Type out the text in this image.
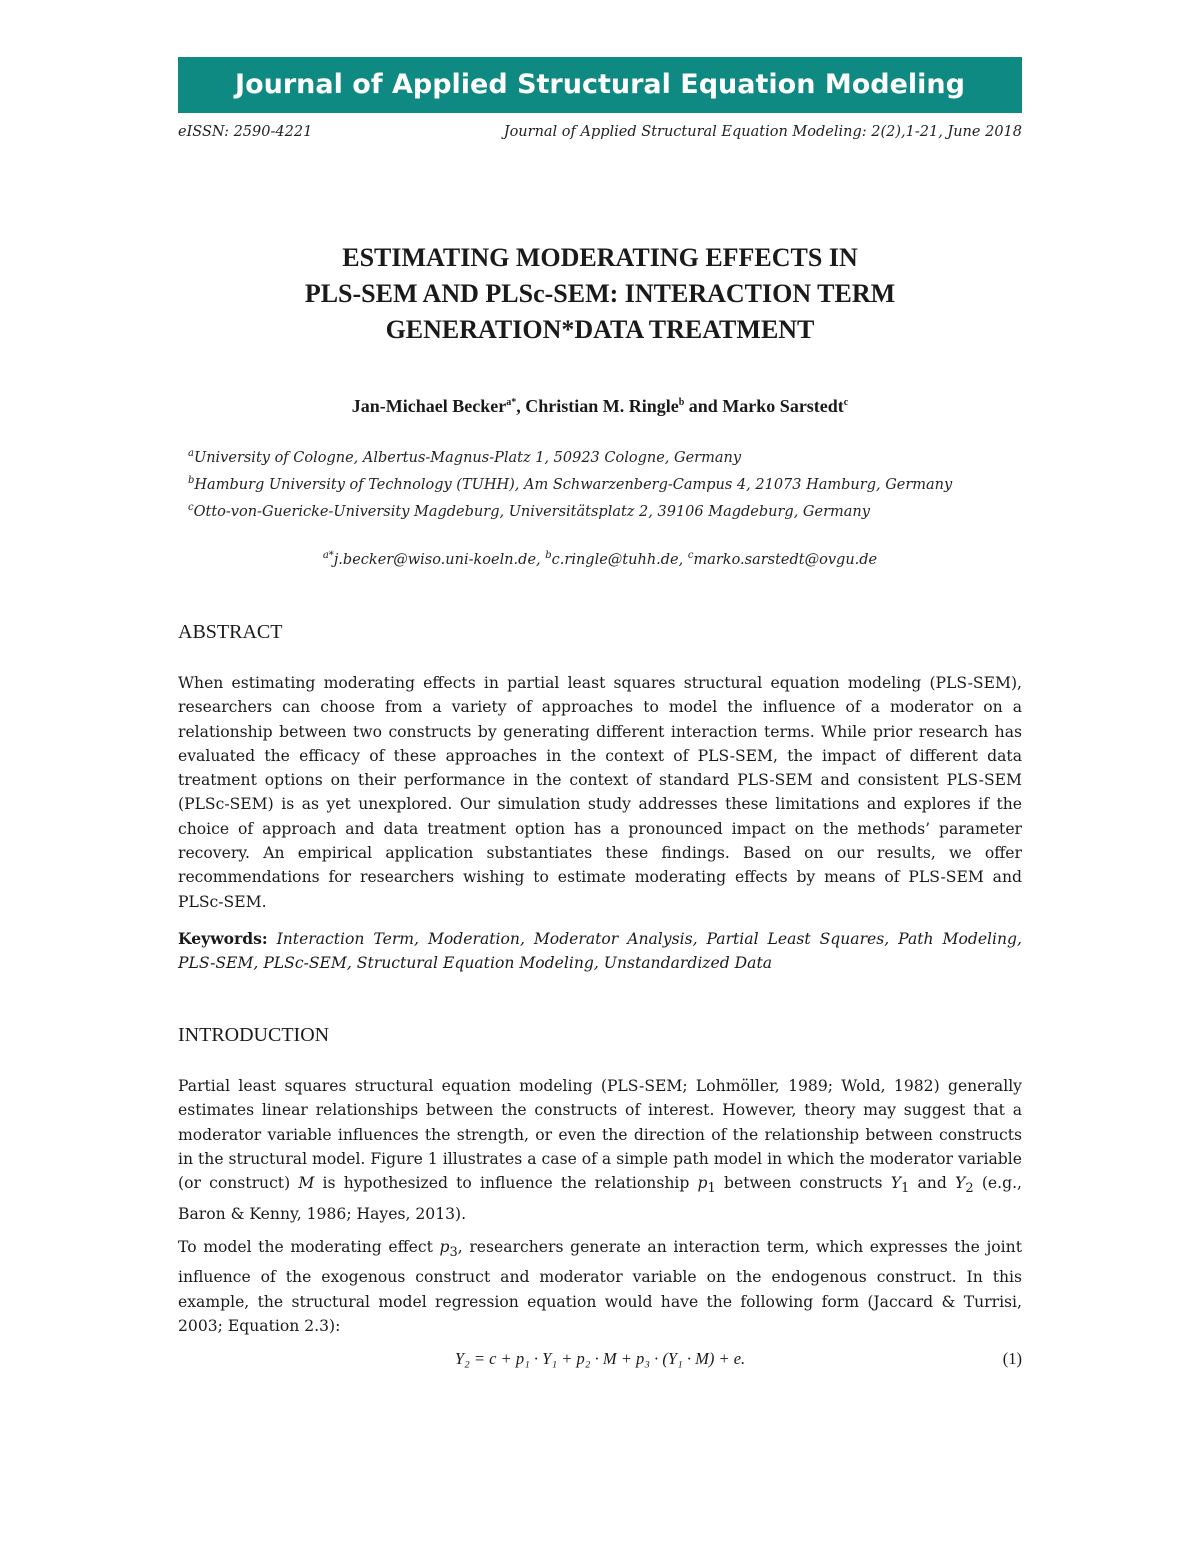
Journal of Applied Structural Equation Modeling
eISSN: 2590-4221	Journal of Applied Structural Equation Modeling: 2(2),1-21, June 2018
ESTIMATING MODERATING EFFECTS IN
PLS-SEM AND PLSc-SEM: INTERACTION TERM
GENERATION*DATA TREATMENT
Jan-Michael Becker$^{a*}$, Christian M. Ringle$^b$ and Marko Sarstedt$^c$
$^a$University of Cologne, Albertus-Magnus-Platz 1, 50923 Cologne, Germany
$^b$Hamburg University of Technology (TUHH), Am Schwarzenberg-Campus 4, 21073 Hamburg, Germany
$^c$Otto-von-Guericke-University Magdeburg, Universitätsplatz 2, 39106 Magdeburg, Germany
$^{a*}$j.becker@wiso.uni-koeln.de, $^b$c.ringle@tuhh.de, $^c$marko.sarstedt@ovgu.de
ABSTRACT
When estimating moderating effects in partial least squares structural equation modeling (PLS-SEM), researchers can choose from a variety of approaches to model the influence of a moderator on a relationship between two constructs by generating different interaction terms. While prior research has evaluated the efficacy of these approaches in the context of PLS-SEM, the impact of different data treatment options on their performance in the context of standard PLS-SEM and consistent PLS-SEM (PLSc-SEM) is as yet unexplored. Our simulation study addresses these limitations and explores if the choice of approach and data treatment option has a pronounced impact on the methods’ parameter recovery. An empirical application substantiates these findings. Based on our results, we offer recommendations for researchers wishing to estimate moderating effects by means of PLS-SEM and PLSc-SEM.
Keywords: Interaction Term, Moderation, Moderator Analysis, Partial Least Squares, Path Modeling, PLS-SEM, PLSc-SEM, Structural Equation Modeling, Unstandardized Data
INTRODUCTION
Partial least squares structural equation modeling (PLS-SEM; Lohmöller, 1989; Wold, 1982) generally estimates linear relationships between the constructs of interest. However, theory may suggest that a moderator variable influences the strength, or even the direction of the relationship between constructs in the structural model. Figure 1 illustrates a case of a simple path model in which the moderator variable (or construct) M is hypothesized to influence the relationship $p_1$ between constructs $Y_1$ and $Y_2$ (e.g., Baron & Kenny, 1986; Hayes, 2013).
To model the moderating effect $p_3$, researchers generate an interaction term, which expresses the joint influence of the exogenous construct and moderator variable on the endogenous construct. In this example, the structural model regression equation would have the following form (Jaccard & Turrisi, 2003; Equation 2.3):
Y₂ = c + p₁ · Y₁ + p₂ · M + p₃ · (Y₁ · M) + e.	(1)
